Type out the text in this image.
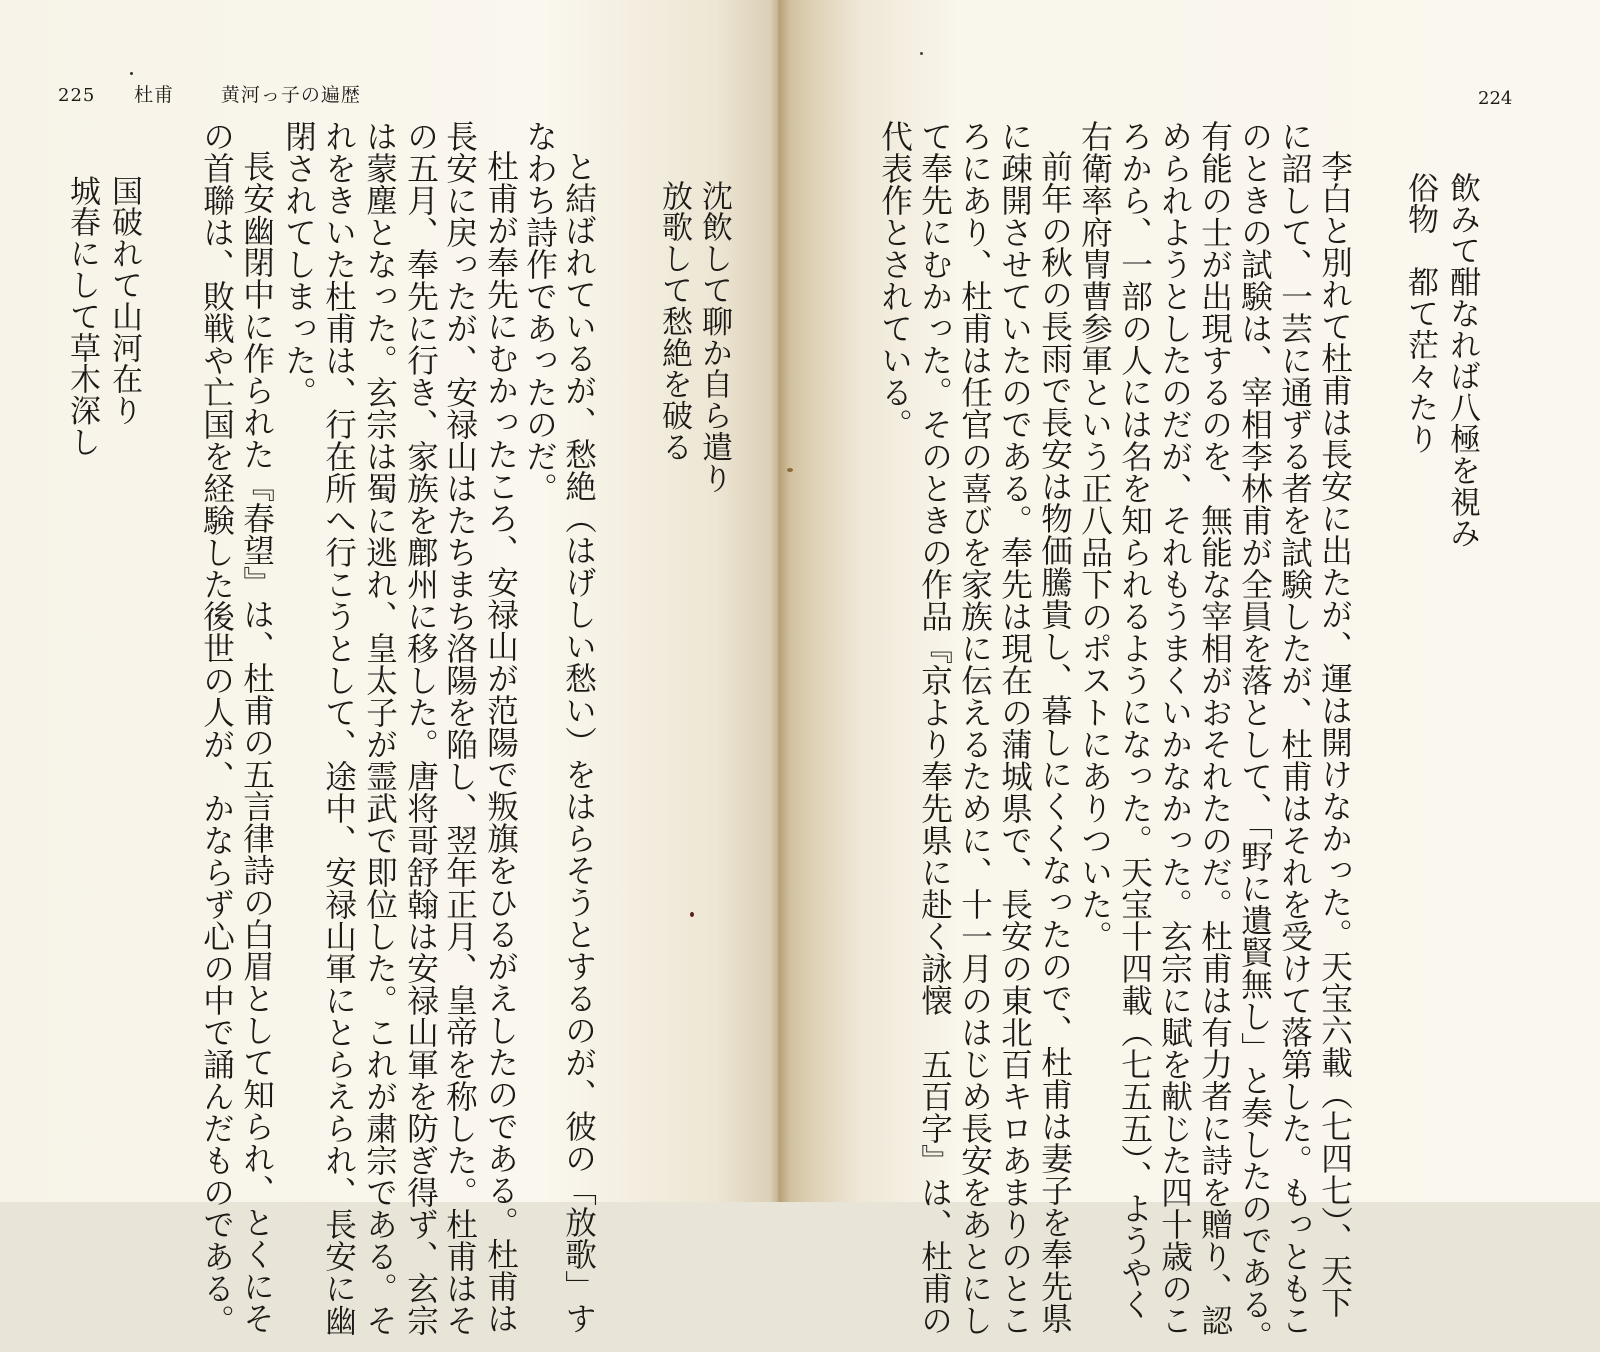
225 杜甫 黄河っ子の遍歴
放歌して愁絶を破る 沈飲して聊か自ら遣り
と結ばれているが、愁絶（はげしい愁い）をはらそうとするのが、彼の「放歌」す
なわち詩作であったのだ。
杜甫が奉先にむかったころ、安禄山が范陽で叛旗をひるがえしたのである。杜甫は
長安に戻ったが、安禄山はたちまち洛陽を陥し、翌年正月、皇帝を称した。杜甫はそ
の五月、奉先に行き、家族を鄜州に移した。唐将哥舒翰は安禄山軍を防ぎ得ず、玄宗
は蒙塵となった。玄宗は蜀に逃れ、皇太子が霊武で即位した。これが粛宗である。そ
れをきいた杜甫は、行在所へ行こうとして、途中、安禄山軍にとらえられ、長安に幽
閉されてしまった。
長安幽閉中に作られた『春望』は、杜甫の五言律詩の白眉として知られ、とくにそ
の首聯は、敗戦や亡国を経験した後世の人が、かならず心の中で誦んだものである。
国破れて山河在り
城春にして草木深し
224
飲みて酣なれば八極を視み
俗物　都て茫々たり
李白と別れて杜甫は長安に出たが、運は開けなかった。天宝六載（七四七）、天下
に詔して、一芸に通ずる者を試験したが、杜甫はそれを受けて落第した。もっともこ
のときの試験は、宰相李林甫が全員を落として、「野に遺賢無し」と奏したのである。
有能の士が出現するのを、無能な宰相がおそれたのだ。杜甫は有力者に詩を贈り、認
められようとしたのだが、それもうまくいかなかった。玄宗に賦を献じた四十歳のこ
ろから、一部の人には名を知られるようになった。天宝十四載（七五五）、ようやく
右衛率府冑曹参軍という正八品下のポストにありついた。
前年の秋の長雨で長安は物価騰貴し、暮しにくくなったので、杜甫は妻子を奉先県
に疎開させていたのである。奉先は現在の蒲城県で、長安の東北百キロあまりのとこ
ろにあり、杜甫は任官の喜びを家族に伝えるために、十一月のはじめ長安をあとにし
て奉先にむかった。そのときの作品『京より奉先県に赴く詠懐　五百字』は、杜甫の
代表作とされている。
